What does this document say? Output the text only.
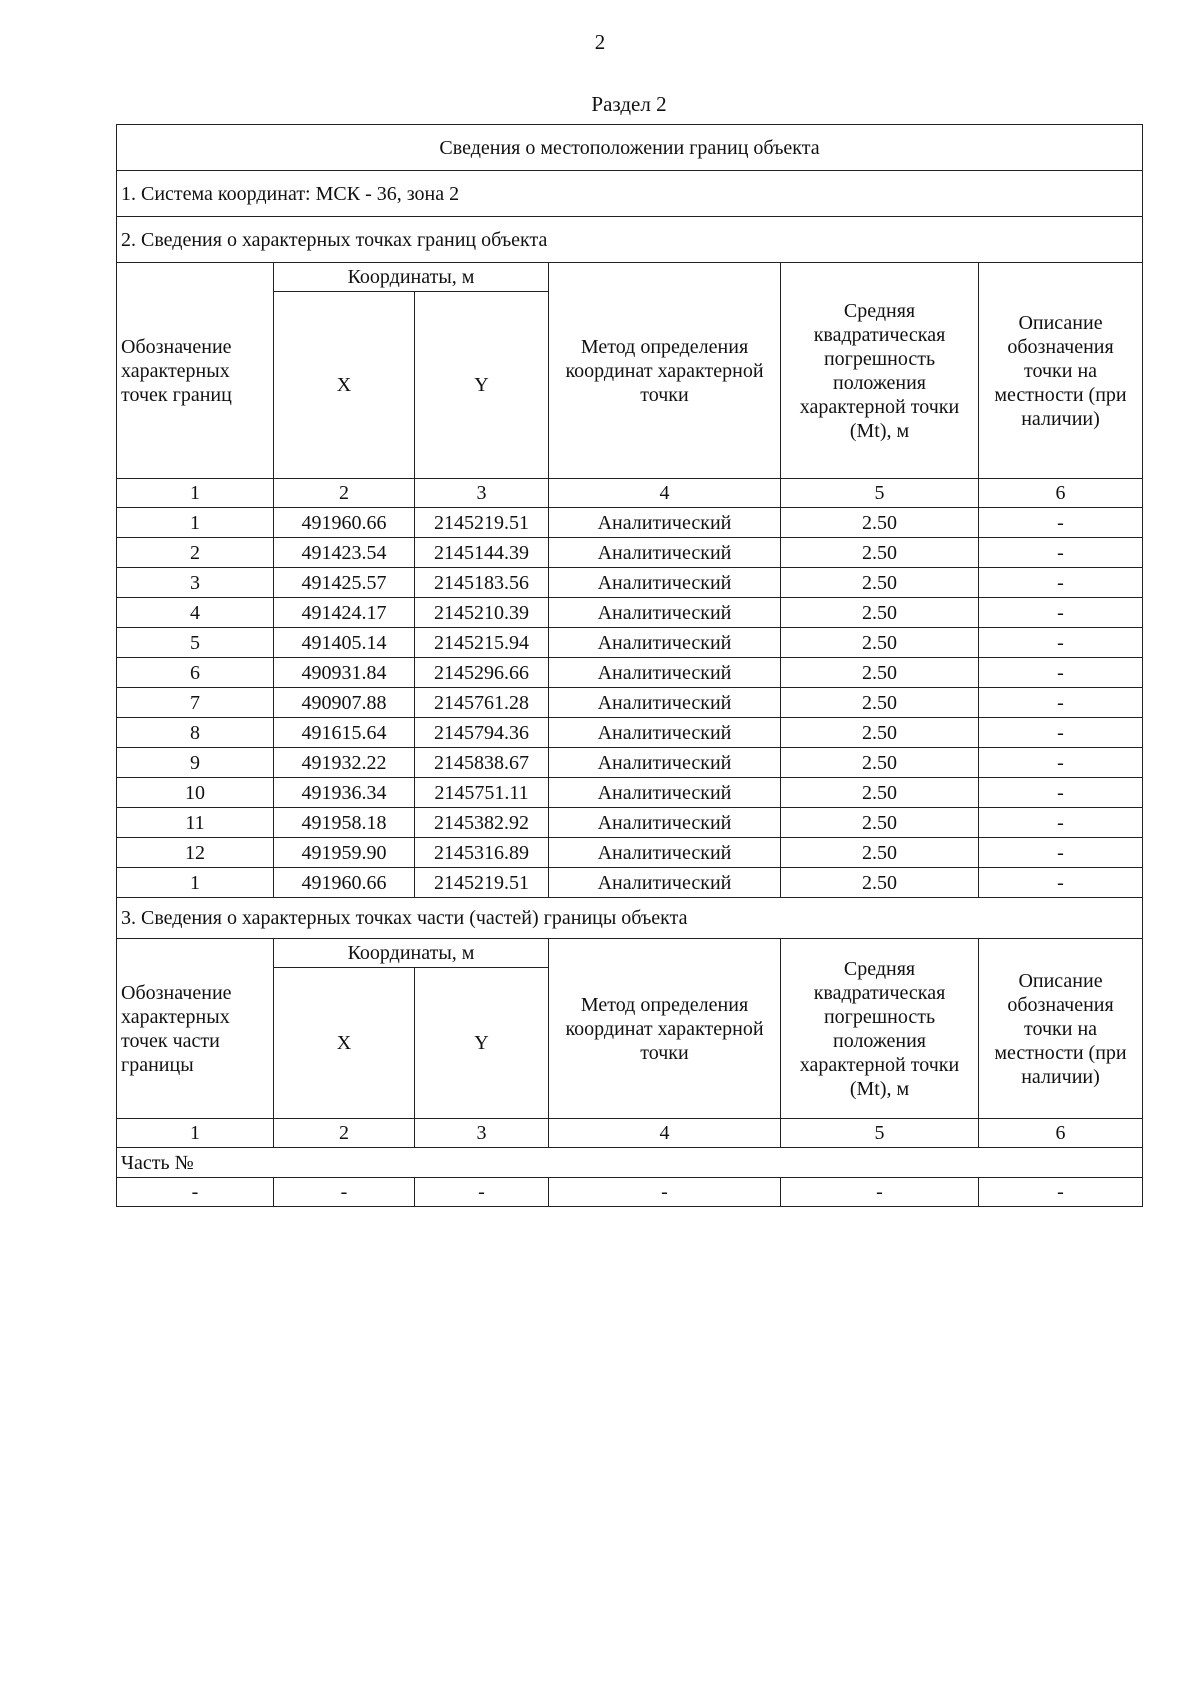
2
Раздел 2
Сведения о местоположении границ объекта					
1. Система координат: МСК - 36, зона 2					
2. Сведения о характерных точках границ объекта					
Обозначение характерных точек границ	Координаты, м		Метод определения координат характерной точки	Средняя квадратическая погрешность положения характерной точки (Mt), м	Описание обозначения точки на местности (при наличии)
	X	Y			
1	2	3	4	5	6
1	491960.66	2145219.51	Аналитический	2.50	-
2	491423.54	2145144.39	Аналитический	2.50	-
3	491425.57	2145183.56	Аналитический	2.50	-
4	491424.17	2145210.39	Аналитический	2.50	-
5	491405.14	2145215.94	Аналитический	2.50	-
6	490931.84	2145296.66	Аналитический	2.50	-
7	490907.88	2145761.28	Аналитический	2.50	-
8	491615.64	2145794.36	Аналитический	2.50	-
9	491932.22	2145838.67	Аналитический	2.50	-
10	491936.34	2145751.11	Аналитический	2.50	-
11	491958.18	2145382.92	Аналитический	2.50	-
12	491959.90	2145316.89	Аналитический	2.50	-
1	491960.66	2145219.51	Аналитический	2.50	-
3. Сведения о характерных точках части (частей) границы объекта					
Обозначение характерных точек части границы	Координаты, м		Метод определения координат характерной точки	Средняя квадратическая погрешность положения характерной точки (Mt), м	Описание обозначения точки на местности (при наличии)
	X	Y			
1	2	3	4	5	6
Часть №					
-	-	-	-	-	-
